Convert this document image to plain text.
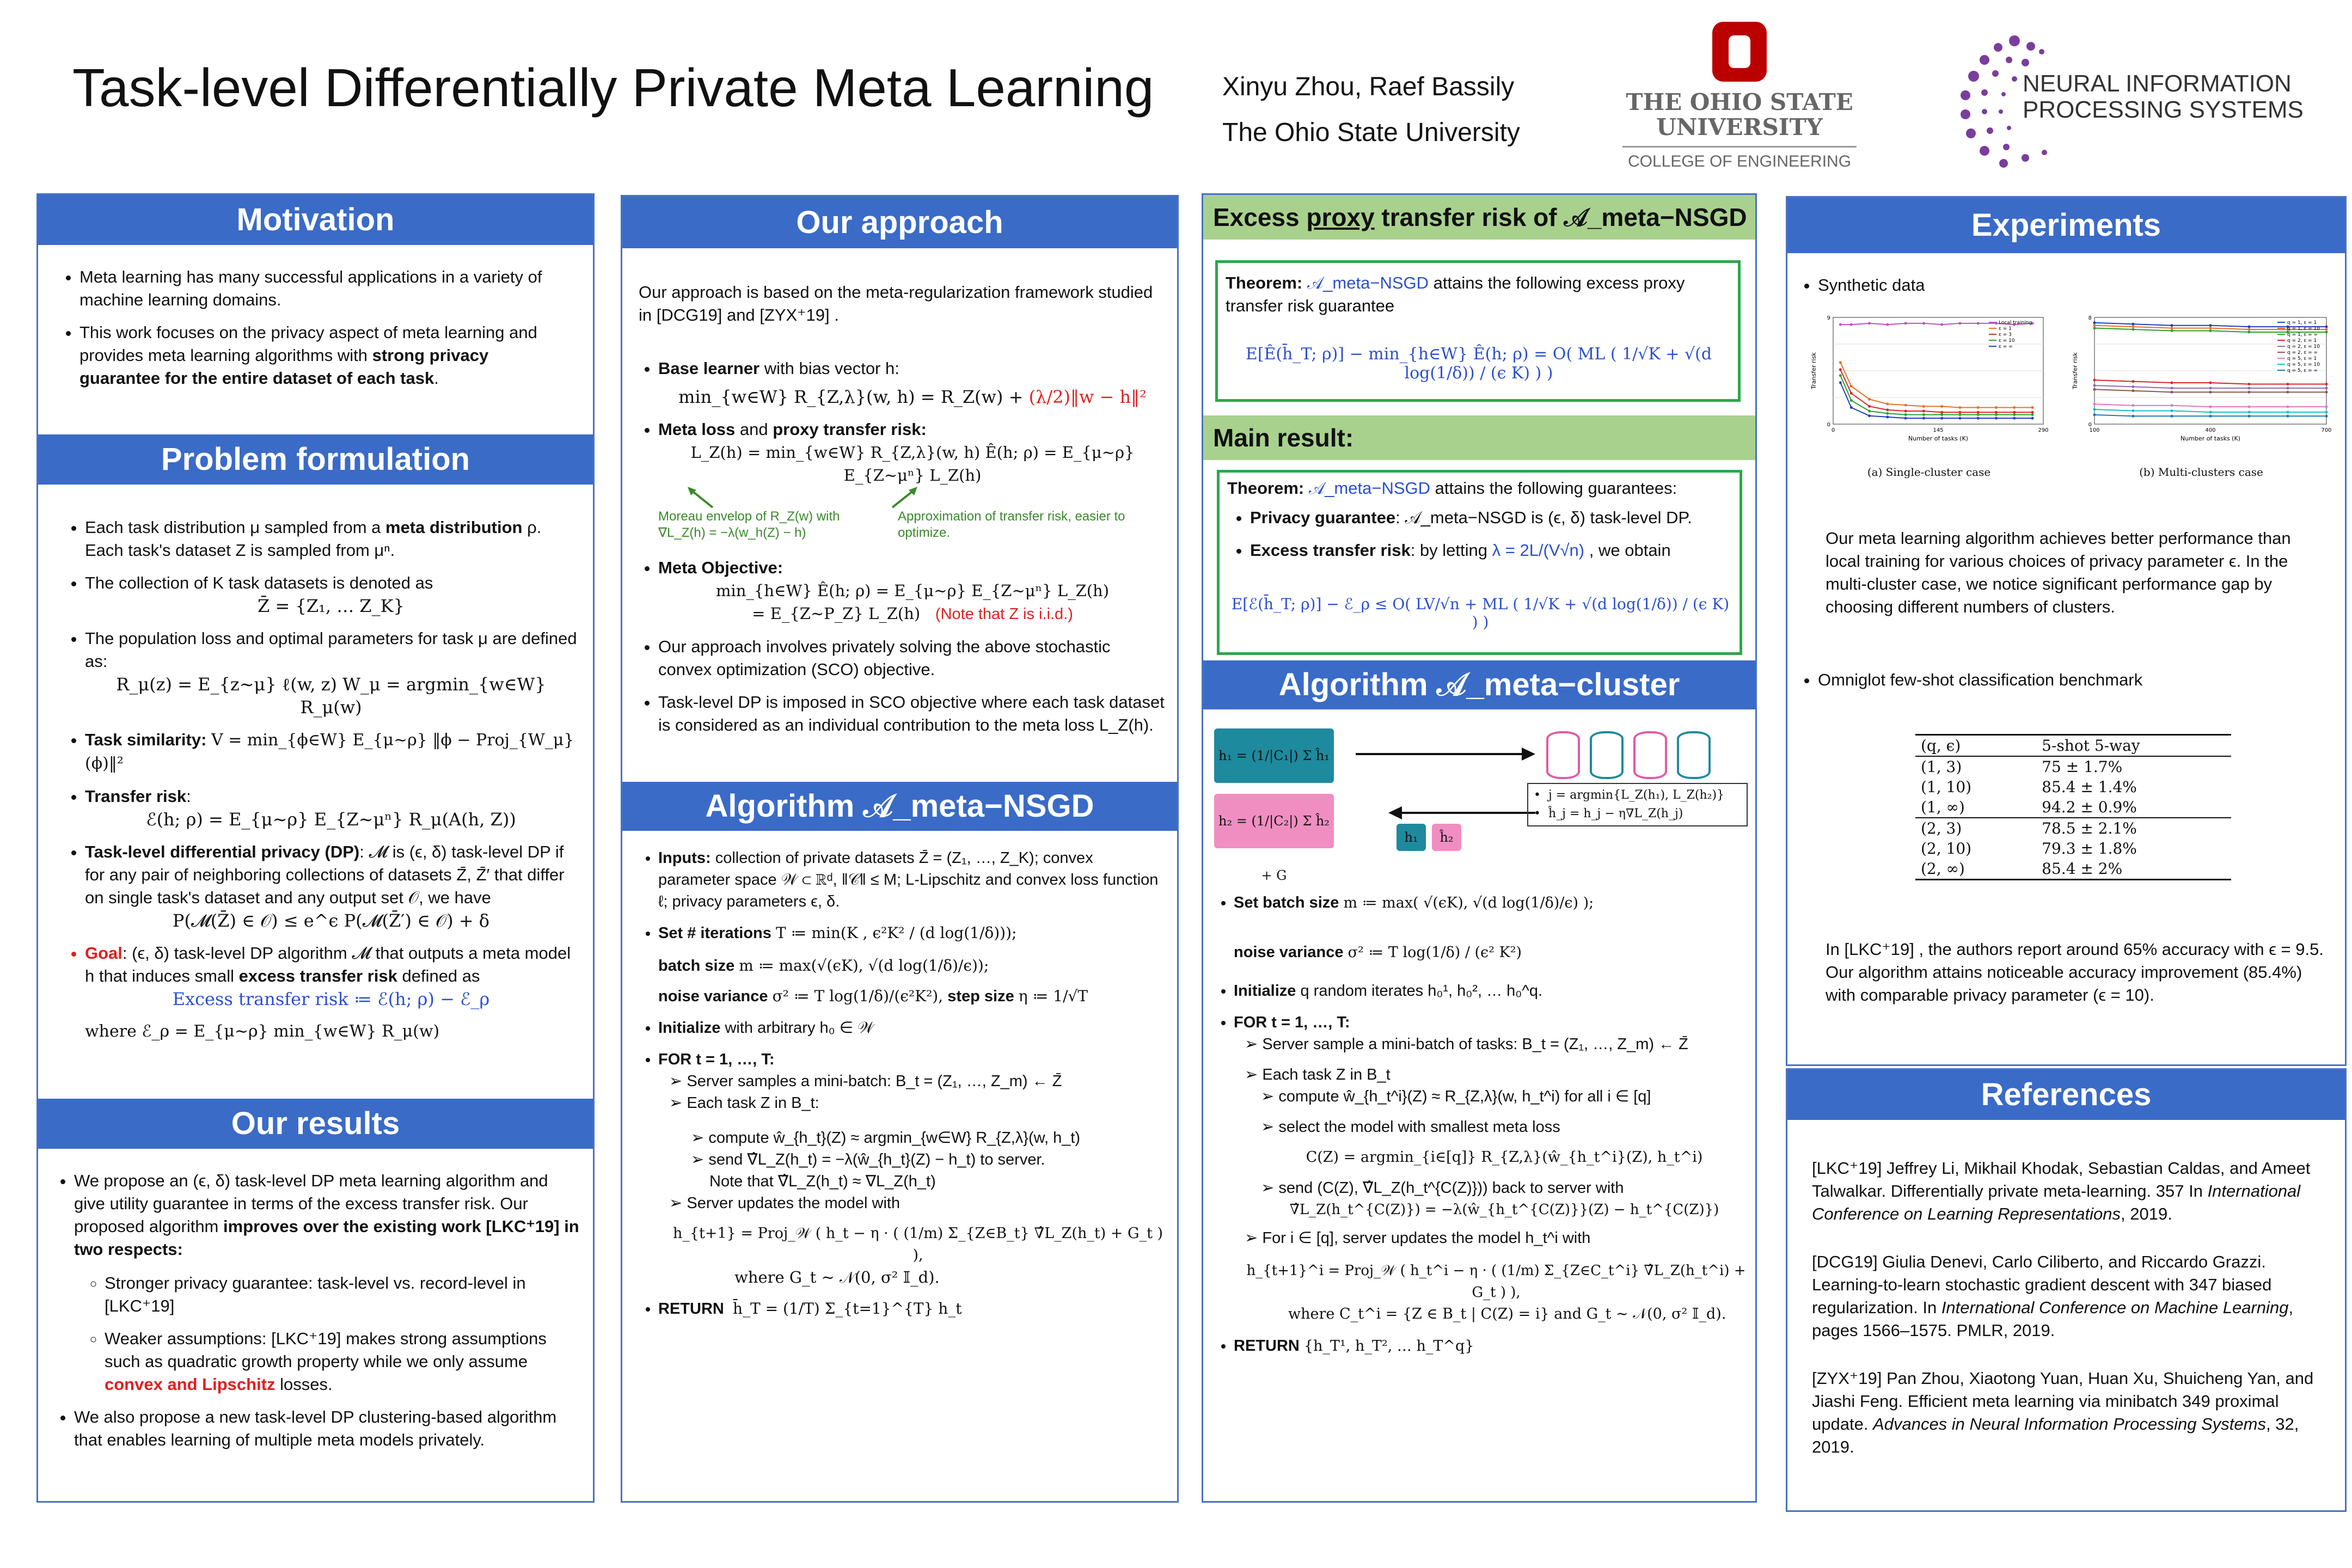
Task-level Differentially Private Meta Learning	Xinyu Zhou, Raef Bassily
The Ohio State University
THE OHIO STATE
UNIVERSITY
COLLEGE OF ENGINEERING
NEURAL INFORMATION
PROCESSING SYSTEMS
Motivation
• Meta learning has many successful applications in a variety of machine learning domains.
• This work focuses on the privacy aspect of meta learning and provides meta learning algorithms with strong privacy guarantee for the entire dataset of each task.
Problem formulation
• Each task distribution μ sampled from a meta distribution ρ. Each task's dataset Z is sampled from μⁿ.
• The collection of K task datasets is denoted as
Z̄ = {Z₁, … Z_K}
• The population loss and optimal parameters for task μ are defined as:
R_μ(z) = E_{z∼μ} ℓ(w, z) W_μ = argmin_{w∈W} R_μ(w)
• Task similarity: V = min_{ϕ∈W} E_{μ∼ρ} ‖ϕ − Proj_{W_μ}(ϕ)‖²
• Transfer risk:
ℰ(h; ρ) = E_{μ∼ρ} E_{Z∼μⁿ} R_μ(A(h, Z))
• Task-level differential privacy (DP): 𝓜 is (ϵ, δ) task-level DP if for any pair of neighboring collections of datasets Z̄, Z̄′ that differ on single task's dataset and any output set 𝒪, we have
P(𝓜(Z̄) ∈ 𝒪) ≤ e^ϵ P(𝓜(Z̄′) ∈ 𝒪) + δ
• Goal: (ϵ, δ) task-level DP algorithm 𝓜 that outputs a meta model h that induces small excess transfer risk defined as
Excess transfer risk ≔ ℰ(h; ρ) − ℰ_ρ
where ℰ_ρ = E_{μ∼ρ} min_{w∈W} R_μ(w)
Our results
• We propose an (ϵ, δ) task-level DP meta learning algorithm and give utility guarantee in terms of the excess transfer risk. Our proposed algorithm improves over the existing work [LKC⁺19] in two respects:
◦ Stronger privacy guarantee: task-level vs. record-level in [LKC⁺19]
◦ Weaker assumptions: [LKC⁺19] makes strong assumptions such as quadratic growth property while we only assume convex and Lipschitz losses.
• We also propose a new task-level DP clustering-based algorithm that enables learning of multiple meta models privately.
Our approach
Our approach is based on the meta-regularization framework studied in [DCG19] and [ZYX⁺19] .
• Base learner with bias vector h:
min_{w∈W} R_{Z,λ}(w, h) = R_Z(w) + (λ/2)‖w − h‖²
• Meta loss and proxy transfer risk:
L_Z(h) = min_{w∈W} R_{Z,λ}(w, h) Ê(h; ρ) = E_{μ∼ρ} E_{Z∼μⁿ} L_Z(h)
Moreau envelop of R_Z(w) with ∇L_Z(h) = −λ(w_h(Z) − h)
Approximation of transfer risk, easier to optimize.
• Meta Objective:
min_{h∈W} Ê(h; ρ) = E_{μ∼ρ} E_{Z∼μⁿ} L_Z(h)
= E_{Z∼P_Z} L_Z(h) (Note that Z is i.i.d.)
• Our approach involves privately solving the above stochastic convex optimization (SCO) objective.
• Task-level DP is imposed in SCO objective where each task dataset is considered as an individual contribution to the meta loss L_Z(h).
Algorithm 𝒜_meta−NSGD
• Inputs: collection of private datasets Z̄ = (Z₁, …, Z_K); convex parameter space 𝒲 ⊂ ℝᵈ, ‖𝒞‖ ≤ M; L-Lipschitz and convex loss function ℓ; privacy parameters ϵ, δ.
• Set # iterations T ≔ min(K , ϵ²K² / (d log(1/δ)));
batch size m ≔ max(√(ϵK), √(d log(1/δ)/ϵ));
noise variance σ² ≔ T log(1/δ)/(ϵ²K²), step size η ≔ 1/√T
• Initialize with arbitrary h₀ ∈ 𝒲
• FOR t = 1, …, T:
➢ Server samples a mini-batch: B_t = (Z₁, …, Z_m) ← Z̄
➢ Each task Z in B_t:
➢ compute ŵ_{h_t}(Z) ≈ argmin_{w∈W} R_{Z,λ}(w, h_t)
➢ send ∇̂L_Z(h_t) = −λ(ŵ_{h_t}(Z) − h_t) to server.
Note that ∇̂L_Z(h_t) ≈ ∇L_Z(h_t)
➢ Server updates the model with
h_{t+1} = Proj_𝒲 ( h_t − η · ( (1/m) Σ_{Z∈B_t} ∇̂L_Z(h_t) + G_t ) ),
where G_t ∼ 𝒩(0, σ² 𝕀_d).
• RETURN h̄_T = (1/T) Σ_{t=1}^{T} h_t
Excess proxy transfer risk of 𝒜_meta−NSGD
Theorem: 𝒜_meta−NSGD attains the following excess proxy transfer risk guarantee
E[Ê(h̄_T; ρ)] − min_{h∈W} Ê(h; ρ) = O( ML ( 1/√K + √(d log(1/δ)) / (ϵ K) ) )
Main result:
Theorem: 𝒜_meta−NSGD attains the following guarantees:
• Privacy guarantee: 𝒜_meta−NSGD is (ϵ, δ) task-level DP.
• Excess transfer risk: by letting λ = 2L/(V√n) , we obtain
E[ℰ(h̄_T; ρ)] − ℰ_ρ ≤ O( LV/√n + ML ( 1/√K + √(d log(1/δ)) / (ϵ K) ) )
Algorithm 𝒜_meta−cluster
h₁ = (1/|C₁|) Σ ĥ₁
h₂ = (1/|C₂|) Σ ĥ₂ + G
•  j = argmin{L_Z(h₁), L_Z(h₂)}
•  ĥ_j = h_j − η∇L_Z(h_j)
h₁	ĥ₂
• Set batch size m ≔ max( √(ϵK), √(d log(1/δ)/ϵ) );
noise variance σ² ≔ T log(1/δ) / (ϵ² K²)
• Initialize q random iterates h₀¹, h₀², … h₀^q.
• FOR t = 1, …, T:
➢ Server sample a mini-batch of tasks: B_t = (Z₁, …, Z_m) ← Z̄
➢ Each task Z in B_t
➢ compute ŵ_{h_t^i}(Z) ≈ R_{Z,λ}(w, h_t^i) for all i ∈ [q]
➢ select the model with smallest meta loss
C(Z) = argmin_{i∈[q]} R_{Z,λ}(ŵ_{h_t^i}(Z), h_t^i)
➢ send (C(Z), ∇̂L_Z(h_t^{C(Z)})) back to server with
∇̂L_Z(h_t^{C(Z)}) = −λ(ŵ_{h_t^{C(Z)}}(Z) − h_t^{C(Z)})
➢ For i ∈ [q], server updates the model h_t^i with
h_{t+1}^i = Proj_𝒲 ( h_t^i − η · ( (1/m) Σ_{Z∈C_t^i} ∇̂L_Z(h_t^i) + G_t ) ),
where C_t^i = {Z ∈ B_t | C(Z) = i} and G_t ∼ 𝒩(0, σ² 𝕀_d).
• RETURN {h_T¹, h_T², … h_T^q}
Experiments
• Synthetic data
Number of tasks (K)
Transfer risk
0	145	290
0
9
Local training
ε = 1
ε = 3
ε = 10
ε = ∞
(a) Single-cluster case
Number of tasks (K)
Transfer risk
100	400	700
0
8
q = 1, ε = 1
q = 1, ε = 10
q = 1, ε = ∞
q = 2, ε = 1
q = 2, ε = 10
q = 2, ε = ∞
q = 5, ε = 1
q = 5, ε = 10
q = 5, ε = ∞
(b) Multi-clusters case
Our meta learning algorithm achieves better performance than local training for various choices of privacy parameter ϵ. In the multi-cluster case, we notice significant performance gap by choosing different numbers of clusters.
• Omniglot few-shot classification benchmark
(q, ϵ)	5-shot 5-way
(1, 3)	75 ± 1.7%
(1, 10)	85.4 ± 1.4%
(1, ∞)	94.2 ± 0.9%
(2, 3)	78.5 ± 2.1%
(2, 10)	79.3 ± 1.8%
(2, ∞)	85.4 ± 2%
In [LKC⁺19] , the authors report around 65% accuracy with ϵ = 9.5. Our algorithm attains noticeable accuracy improvement (85.4%) with comparable privacy parameter (ϵ = 10).
References

[LKC⁺19] Jeffrey Li, Mikhail Khodak, Sebastian Caldas, and Ameet Talwalkar. Differentially private meta-learning. 357 In International Conference on Learning Representations, 2019.

[DCG19] Giulia Denevi, Carlo Ciliberto, and Riccardo Grazzi. Learning-to-learn stochastic gradient descent with 347 biased regularization. In International Conference on Machine Learning, pages 1566–1575. PMLR, 2019.

[ZYX⁺19] Pan Zhou, Xiaotong Yuan, Huan Xu, Shuicheng Yan, and Jiashi Feng. Efficient meta learning via minibatch 349 proximal update. Advances in Neural Information Processing Systems, 32, 2019.
